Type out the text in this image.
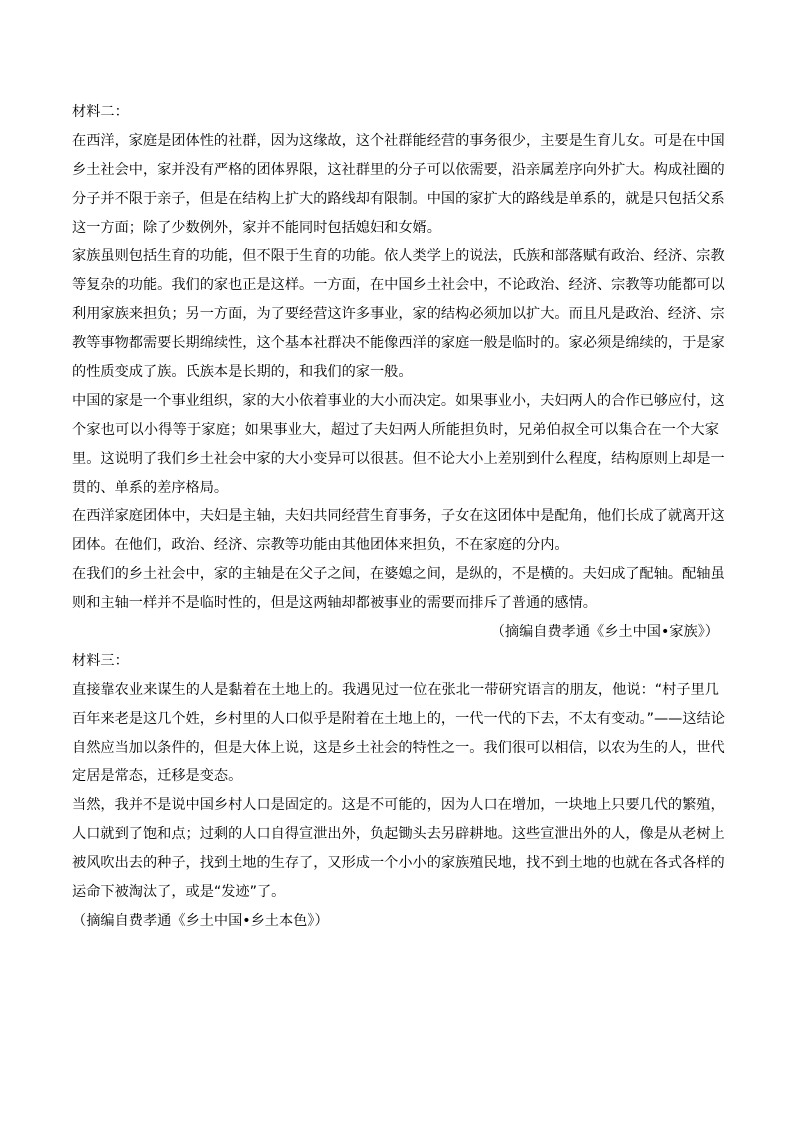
材料二：
在西洋，家庭是团体性的社群，因为这缘故，这个社群能经营的事务很少，主要是生育儿女。可是在中国
乡土社会中，家并没有严格的团体界限，这社群里的分子可以依需要，沿亲属差序向外扩大。构成社圈的
分子并不限于亲子，但是在结构上扩大的路线却有限制。中国的家扩大的路线是单系的，就是只包括父系
这一方面；除了少数例外，家并不能同时包括媳妇和女婿。
家族虽则包括生育的功能，但不限于生育的功能。依人类学上的说法，氏族和部落赋有政治、经济、宗教
等复杂的功能。我们的家也正是这样。一方面，在中国乡土社会中，不论政治、经济、宗教等功能都可以
利用家族来担负；另一方面，为了要经营这许多事业，家的结构必须加以扩大。而且凡是政治、经济、宗
教等事物都需要长期绵续性，这个基本社群决不能像西洋的家庭一般是临时的。家必须是绵续的，于是家
的性质变成了族。氏族本是长期的，和我们的家一般。
中国的家是一个事业组织，家的大小依着事业的大小而决定。如果事业小，夫妇两人的合作已够应付，这
个家也可以小得等于家庭；如果事业大，超过了夫妇两人所能担负时，兄弟伯叔全可以集合在一个大家
里。这说明了我们乡土社会中家的大小变异可以很甚。但不论大小上差别到什么程度，结构原则上却是一
贯的、单系的差序格局。
在西洋家庭团体中，夫妇是主轴，夫妇共同经营生育事务，子女在这团体中是配角，他们长成了就离开这
团体。在他们，政治、经济、宗教等功能由其他团体来担负，不在家庭的分内。
在我们的乡土社会中，家的主轴是在父子之间，在婆媳之间，是纵的，不是横的。夫妇成了配轴。配轴虽
则和主轴一样并不是临时性的，但是这两轴却都被事业的需要而排斥了普通的感情。
（摘编自费孝通《乡土中国•家族》）
材料三：
直接靠农业来谋生的人是黏着在土地上的。我遇见过一位在张北一带研究语言的朋友，他说：“村子里几
百年来老是这几个姓，乡村里的人口似乎是附着在土地上的，一代一代的下去，不太有变动。”——这结论
自然应当加以条件的，但是大体上说，这是乡土社会的特性之一。我们很可以相信，以农为生的人，世代
定居是常态，迁移是变态。
当然，我并不是说中国乡村人口是固定的。这是不可能的，因为人口在增加，一块地上只要几代的繁殖，
人口就到了饱和点；过剩的人口自得宣泄出外，负起锄头去另辟耕地。这些宣泄出外的人，像是从老树上
被风吹出去的种子，找到土地的生存了，又形成一个小小的家族殖民地，找不到土地的也就在各式各样的
运命下被淘汰了，或是“发迹”了。
（摘编自费孝通《乡土中国•乡土本色》）
